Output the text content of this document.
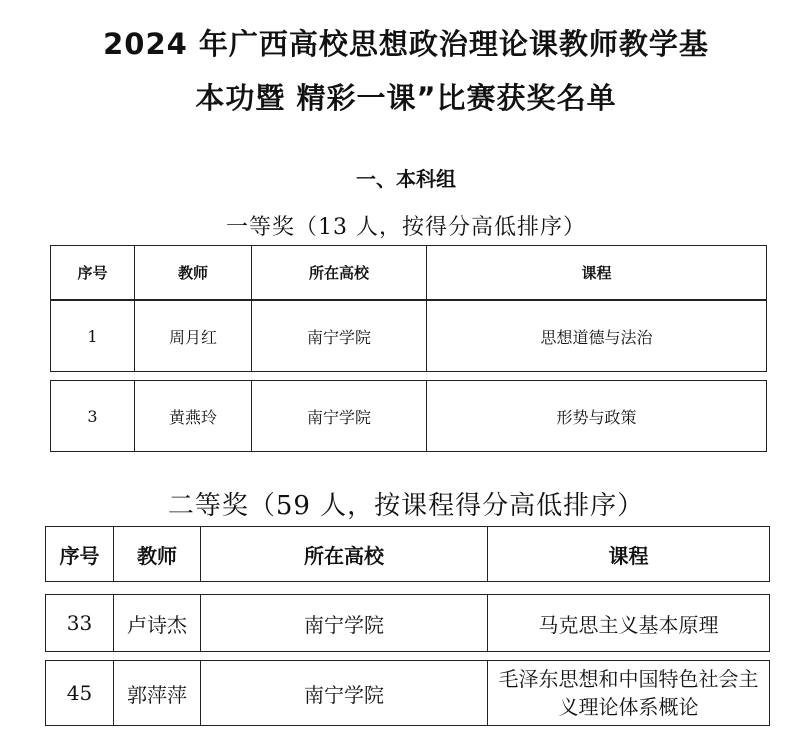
2024 年广西高校思想政治理论课教师教学基
本功暨 精彩一课”比赛获奖名单
一、本科组
一等奖（13 人，按得分高低排序）
序号	教师	所在高校	课程
1	周月红	南宁学院	思想道德与法治
3	黄燕玲	南宁学院	形势与政策
二等奖（59 人，按课程得分高低排序）
序号	教师	所在高校	课程
33	卢诗杰	南宁学院	马克思主义基本原理
45	郭萍萍	南宁学院	毛泽东思想和中国特色社会主义理论体系概论
